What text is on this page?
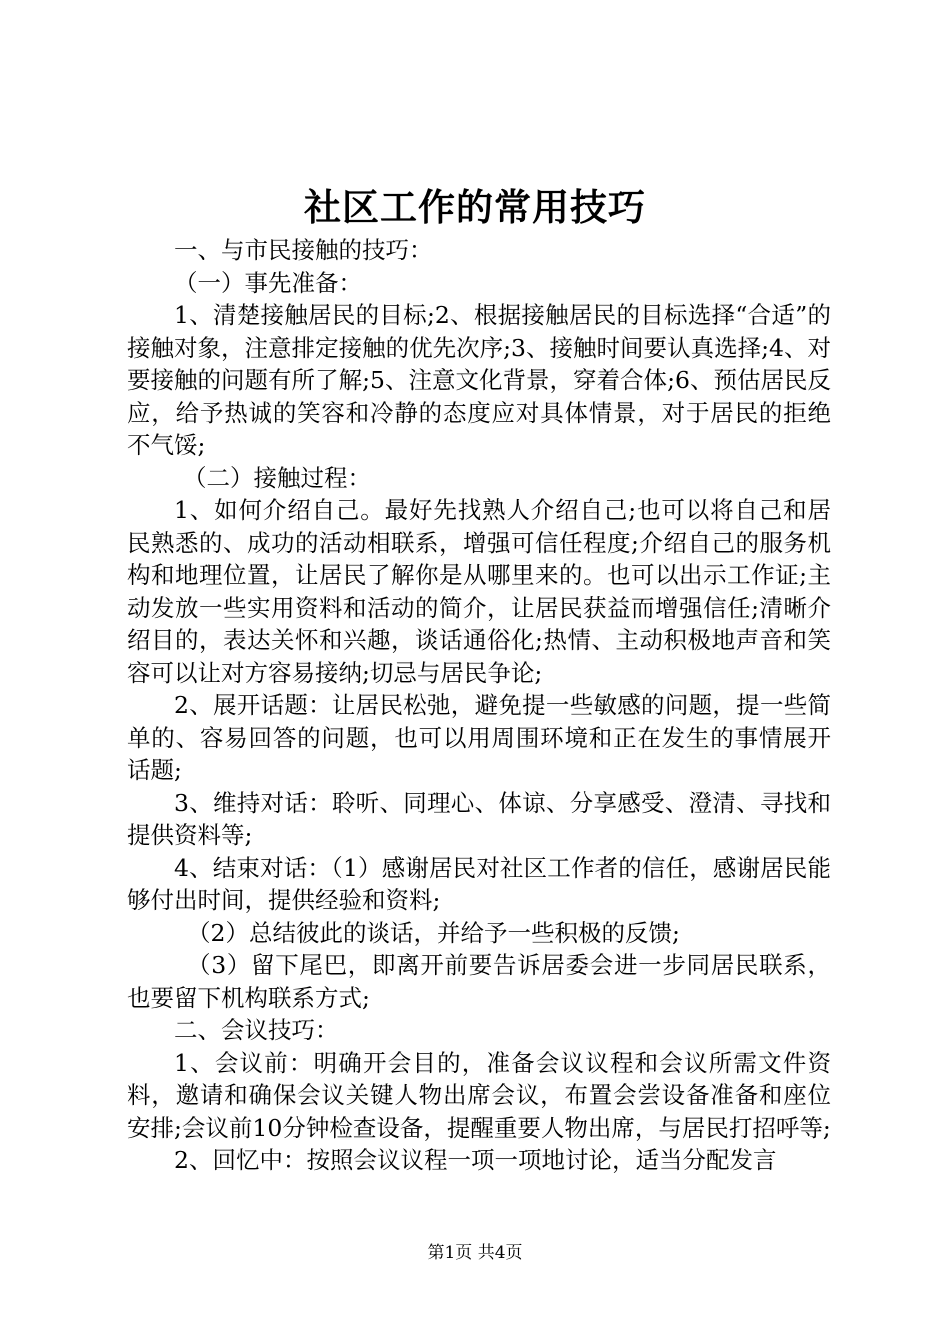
社区工作的常用技巧

一、与市民接触的技巧：

（一）事先准备：

1、清楚接触居民的目标;2、根据接触居民的目标选择“合适”的接触对象，注意排定接触的优先次序;3、接触时间要认真选择;4、对要接触的问题有所了解;5、注意文化背景，穿着合体;6、预估居民反应，给予热诚的笑容和冷静的态度应对具体情景，对于居民的拒绝不气馁;

（二）接触过程：

1、如何介绍自己。最好先找熟人介绍自己;也可以将自己和居民熟悉的、成功的活动相联系，增强可信任程度;介绍自己的服务机构和地理位置，让居民了解你是从哪里来的。也可以出示工作证;主动发放一些实用资料和活动的简介，让居民获益而增强信任;清晰介绍目的，表达关怀和兴趣，谈话通俗化;热情、主动积极地声音和笑容可以让对方容易接纳;切忌与居民争论;

2、展开话题：让居民松弛，避免提一些敏感的问题，提一些简单的、容易回答的问题，也可以用周围环境和正在发生的事情展开话题;

3、维持对话：聆听、同理心、体谅、分享感受、澄清、寻找和提供资料等;

4、结束对话：（1）感谢居民对社区工作者的信任，感谢居民能够付出时间，提供经验和资料;

（2）总结彼此的谈话，并给予一些积极的反馈;

（3）留下尾巴，即离开前要告诉居委会进一步同居民联系，也要留下机构联系方式;

二、会议技巧：

1、会议前：明确开会目的，准备会议议程和会议所需文件资料，邀请和确保会议关键人物出席会议，布置会尝设备准备和座位安排;会议前10分钟检查设备，提醒重要人物出席，与居民打招呼等;

2、回忆中：按照会议议程一项一项地讨论，适当分配发言

第1页 共4页
